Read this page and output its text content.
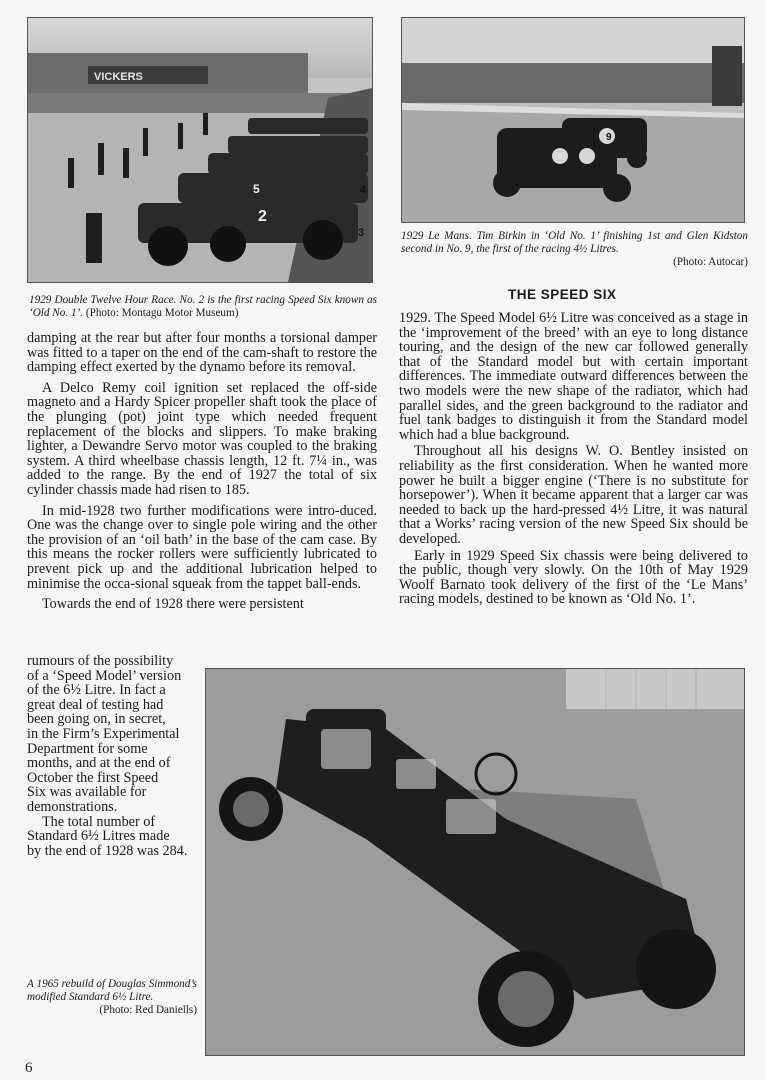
VICKERS
2
5
3
4
1929 Double Twelve Hour Race. No. 2 is the first racing Speed Six known as ‘Old No. 1’. (Photo: Montagu Motor Museum)
9
1929 Le Mans. Tim Birkin in ‘Old No. 1’ finishing 1st and Glen Kidston second in No. 9, the first of the racing 4½ Litres.
(Photo: Autocar)
THE SPEED SIX

1929. The Speed Model 6½ Litre was conceived as a stage in the ‘improvement of the breed’ with an eye to long distance touring, and the design of the new car followed generally that of the Standard model but with certain important differences. The immediate outward differences between the two models were the new shape of the radiator, which had parallel sides, and the green background to the radiator and fuel tank badges to distinguish it from the Standard model which had a blue background.

Throughout all his designs W. O. Bentley insisted on reliability as the first consideration. When he wanted more power he built a bigger engine (‘There is no substitute for horsepower’). When it became apparent that a larger car was needed to back up the hard-pressed 4½ Litre, it was natural that a Works’ racing version of the new Speed Six should be developed.

Early in 1929 Speed Six chassis were being delivered to the public, though very slowly. On the 10th of May 1929 Woolf Barnato took delivery of the first of the ‘Le Mans’ racing models, destined to be known as ‘Old No. 1’.

damping at the rear but after four months a torsional damper was fitted to a taper on the end of the cam-shaft to restore the damping effect exerted by the dynamo before its removal.

A Delco Remy coil ignition set replaced the off-side magneto and a Hardy Spicer propeller shaft took the place of the plunging (pot) joint type which needed frequent replacement of the blocks and slippers. To make braking lighter, a Dewandre Servo motor was coupled to the braking system. A third wheelbase chassis length, 12 ft. 7¼ in., was added to the range. By the end of 1927 the total of six cylinder chassis made had risen to 185.

In mid-1928 two further modifications were intro-duced. One was the change over to single pole wiring and the other the provision of an ‘oil bath’ in the base of the cam case. By this means the rocker rollers were sufficiently lubricated to prevent pick up and the additional lubrication helped to minimise the occa-sional squeak from the tappet ball-ends.

Towards the end of 1928 there were persistent

rumours of the possibility
of a ‘Speed Model’ version
of the 6½ Litre. In fact a
great deal of testing had
been going on, in secret,
in the Firm’s Experimental
Department for some
months, and at the end of
October the first Speed
Six was available for
demonstrations.
The total number of
Standard 6½ Litres made
by the end of 1928 was 284.
A 1965 rebuild of Douglas Simmond’s modified Standard 6½ Litre.
(Photo: Red Daniells)
6
